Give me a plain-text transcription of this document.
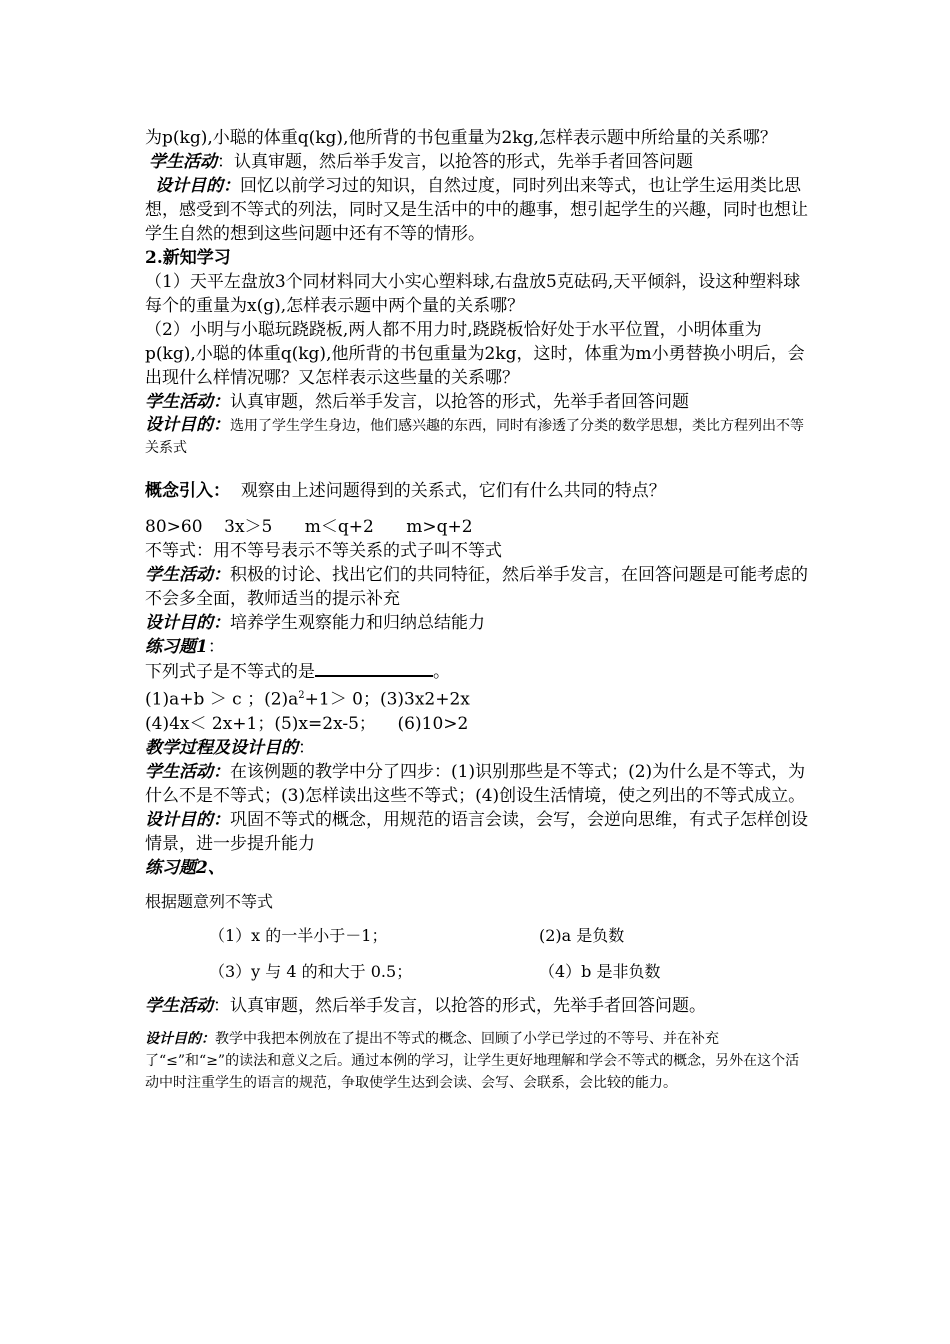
为p(kg),小聪的体重q(kg),他所背的书包重量为2kg,怎样表示题中所给量的关系哪？

学生活动：认真审题，然后举手发言，以抢答的形式，先举手者回答问题

设计目的：回忆以前学习过的知识，自然过度，同时列出来等式，也让学生运用类比思想，感受到不等式的列法，同时又是生活中的中的趣事，想引起学生的兴趣，同时也想让学生自然的想到这些问题中还有不等的情形。

2.新知学习

（1）天平左盘放3个同材料同大小实心塑料球,右盘放5克砝码,天平倾斜，设这种塑料球每个的重量为x(g),怎样表示题中两个量的关系哪？

（2）小明与小聪玩跷跷板,两人都不用力时,跷跷板恰好处于水平位置，小明体重为p(kg),小聪的体重q(kg),他所背的书包重量为2kg，这时，体重为m小勇替换小明后，会出现什么样情况哪？又怎样表示这些量的关系哪？

学生活动：认真审题，然后举手发言，以抢答的形式，先举手者回答问题

设计目的：选用了学生学生身边，他们感兴趣的东西，同时有渗透了分类的数学思想，类比方程列出不等关系式

概念引入： 观察由上述问题得到的关系式，它们有什么共同的特点？

80>60    3x＞5      m＜q+2      m>q+2

不等式：用不等号表示不等关系的式子叫不等式

学生活动：积极的讨论、找出它们的共同特征，然后举手发言，在回答问题是可能考虑的不会多全面，教师适当的提示补充

设计目的：培养学生观察能力和归纳总结能力

练习题1：

下列式子是不等式的是	。

(1)a+b ＞ c ；$(2)a^2+1> 0$；(3)3x2+2x

(4)4x＜ 2x+1；(5)x=2x-5；    (6)10>2

教学过程及设计目的：

学生活动：在该例题的教学中分了四步：(1)识别那些是不等式；(2)为什么是不等式，为什么不是不等式；(3)怎样读出这些不等式；(4)创设生活情境，使之列出的不等式成立。

设计目的：巩固不等式的概念，用规范的语言会读，会写，会逆向思维，有式子怎样创设情景，进一步提升能力

练习题2、

根据题意列不等式

（1）x 的一半小于－1；	(2)a 是负数
（3）y 与 4 的和大于 0.5；	（4）b 是非负数

学生活动：认真审题，然后举手发言，以抢答的形式，先举手者回答问题。

设计目的：教学中我把本例放在了提出不等式的概念、回顾了小学已学过的不等号、并在补充了“≤”和“≥”的读法和意义之后。通过本例的学习，让学生更好地理解和学会不等式的概念，另外在这个活动中时注重学生的语言的规范，争取使学生达到会读、会写、会联系，会比较的能力。
